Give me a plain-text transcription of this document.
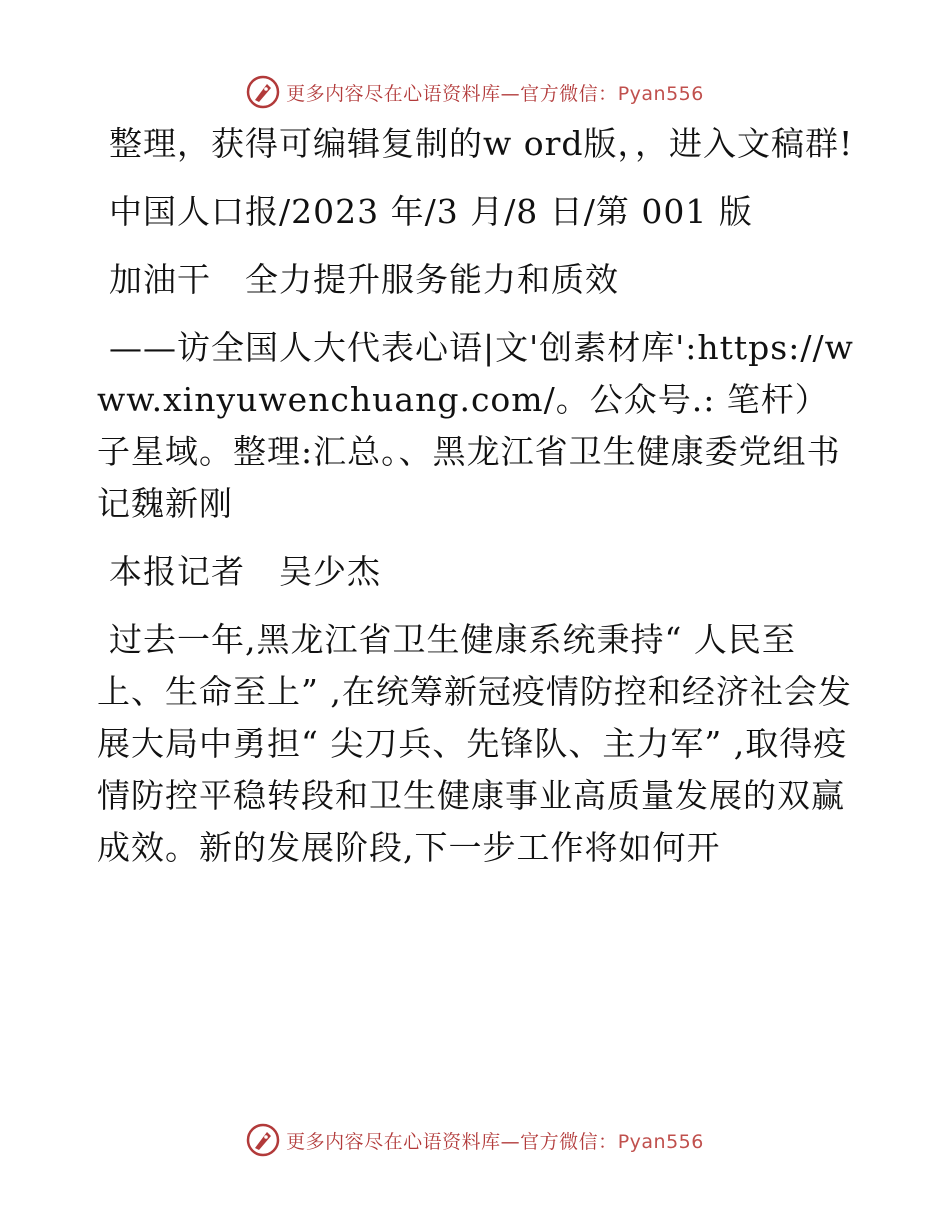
更多内容尽在心语资料库—官方微信：Pyan556

整理，获得可编辑复制的w ord版，，进入文稿群!

中国人口报/2023 年/3 月/8 日/第 001 版

加油干　全力提升服务能力和质效

——访全国人大代表心语|文'创素材库':https://www.xinyuwenchuang.com/。公众号.: 笔杆）子星域。整理:汇总。、黑龙江省卫生健康委党组书记魏新刚

本报记者　吴少杰

过去一年,黑龙江省卫生健康系统秉持“ 人民至上、生命至上” ,在统筹新冠疫情防控和经济社会发展大局中勇担“ 尖刀兵、先锋队、主力军” ,取得疫情防控平稳转段和卫生健康事业高质量发展的双赢成效。新的发展阶段,下一步工作将如何开

更多内容尽在心语资料库—官方微信：Pyan556
